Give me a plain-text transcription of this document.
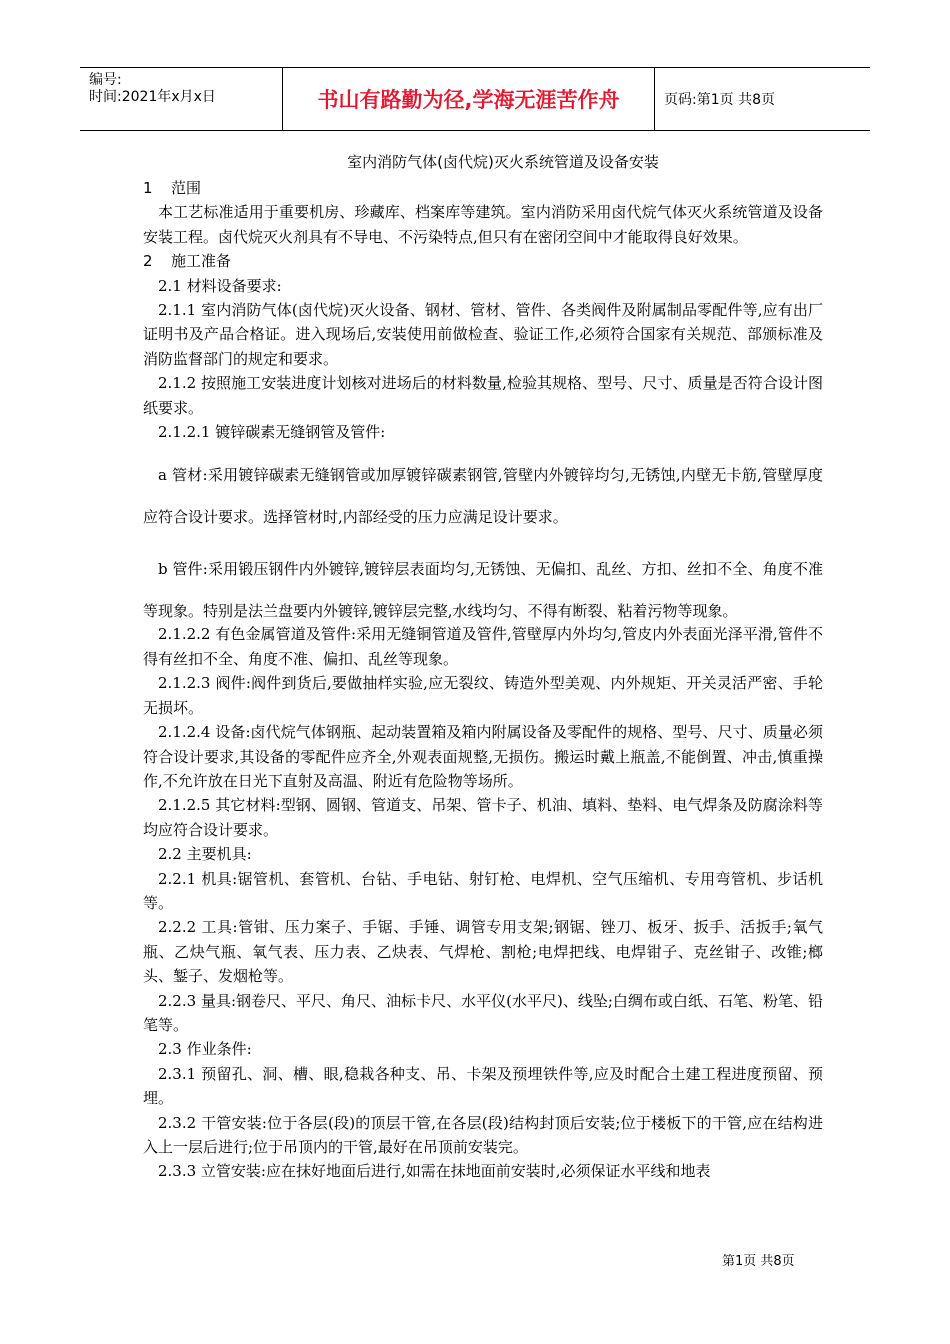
编号:
时间:2021年x月x日	书山有路勤为径,学海无涯苦作舟	页码:第1页 共8页
室内消防气体(卤代烷)灭火系统管道及设备安装
1 范围

本工艺标准适用于重要机房、珍藏库、档案库等建筑。室内消防采用卤代烷气体灭火系统管道及设备安装工程。卤代烷灭火剂具有不导电、不污染特点,但只有在密闭空间中才能取得良好效果。

2 施工准备

2.1 材料设备要求:

2.1.1 室内消防气体(卤代烷)灭火设备、钢材、管材、管件、各类阀件及附属制品零配件等,应有出厂证明书及产品合格证。进入现场后,安装使用前做检查、验证工作,必须符合国家有关规范、部颁标准及消防监督部门的规定和要求。

2.1.2 按照施工安装进度计划核对进场后的材料数量,检验其规格、型号、尺寸、质量是否符合设计图纸要求。

2.1.2.1 镀锌碳素无缝钢管及管件:

a 管材:采用镀锌碳素无缝钢管或加厚镀锌碳素钢管,管壁内外镀锌均匀,无锈蚀,内壁无卡筋,管壁厚度应符合设计要求。选择管材时,内部经受的压力应满足设计要求。

b 管件:采用锻压钢件内外镀锌,镀锌层表面均匀,无锈蚀、无偏扣、乱丝、方扣、丝扣不全、角度不准等现象。特别是法兰盘要内外镀锌,镀锌层完整,水线均匀、不得有断裂、粘着污物等现象。

2.1.2.2 有色金属管道及管件:采用无缝铜管道及管件,管壁厚内外均匀,管皮内外表面光泽平滑,管件不得有丝扣不全、角度不准、偏扣、乱丝等现象。

2.1.2.3 阀件:阀件到货后,要做抽样实验,应无裂纹、铸造外型美观、内外规矩、开关灵活严密、手轮无损坏。

2.1.2.4 设备:卤代烷气体钢瓶、起动装置箱及箱内附属设备及零配件的规格、型号、尺寸、质量必须符合设计要求,其设备的零配件应齐全,外观表面规整,无损伤。搬运时戴上瓶盖,不能倒置、冲击,慎重操作,不允许放在日光下直射及高温、附近有危险物等场所。

2.1.2.5 其它材料:型钢、圆钢、管道支、吊架、管卡子、机油、填料、垫料、电气焊条及防腐涂料等均应符合设计要求。

2.2 主要机具:

2.2.1 机具:锯管机、套管机、台钻、手电钻、射钉枪、电焊机、空气压缩机、专用弯管机、步话机等。

2.2.2 工具:管钳、压力案子、手锯、手锤、调管专用支架;钢锯、锉刀、板牙、扳手、活扳手;氧气瓶、乙炔气瓶、氧气表、压力表、乙炔表、气焊枪、割枪;电焊把线、电焊钳子、克丝钳子、改锥;榔头、錾子、发烟枪等。

2.2.3 量具:钢卷尺、平尺、角尺、油标卡尺、水平仪(水平尺)、线坠;白绸布或白纸、石笔、粉笔、铅笔等。

2.3 作业条件:

2.3.1 预留孔、洞、槽、眼,稳栽各种支、吊、卡架及预埋铁件等,应及时配合土建工程进度预留、预埋。

2.3.2 干管安装:位于各层(段)的顶层干管,在各层(段)结构封顶后安装;位于楼板下的干管,应在结构进入上一层后进行;位于吊顶内的干管,最好在吊顶前安装完。

2.3.3 立管安装:应在抹好地面后进行,如需在抹地面前安装时,必须保证水平线和地表

第1页 共8页
